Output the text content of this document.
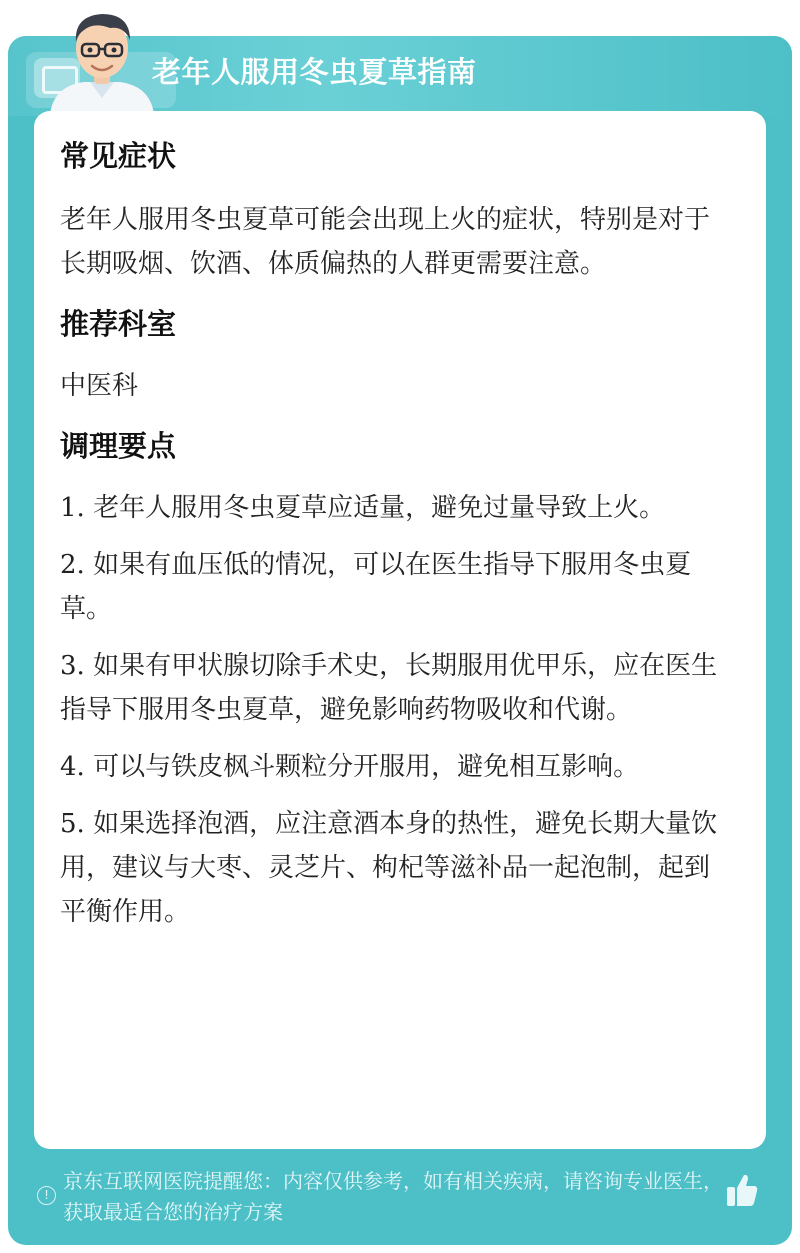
老年人服用冬虫夏草指南
常见症状
老年人服用冬虫夏草可能会出现上火的症状，特别是对于长期吸烟、饮酒、体质偏热的人群更需要注意。
推荐科室
中医科
调理要点
1. 老年人服用冬虫夏草应适量，避免过量导致上火。
2. 如果有血压低的情况，可以在医生指导下服用冬虫夏草。
3. 如果有甲状腺切除手术史，长期服用优甲乐，应在医生指导下服用冬虫夏草，避免影响药物吸收和代谢。
4. 可以与铁皮枫斗颗粒分开服用，避免相互影响。
5. 如果选择泡酒，应注意酒本身的热性，避免长期大量饮用，建议与大枣、灵芝片、枸杞等滋补品一起泡制，起到平衡作用。
!
京东互联网医院提醒您：内容仅供参考，如有相关疾病，请咨询专业医生，获取最适合您的治疗方案
